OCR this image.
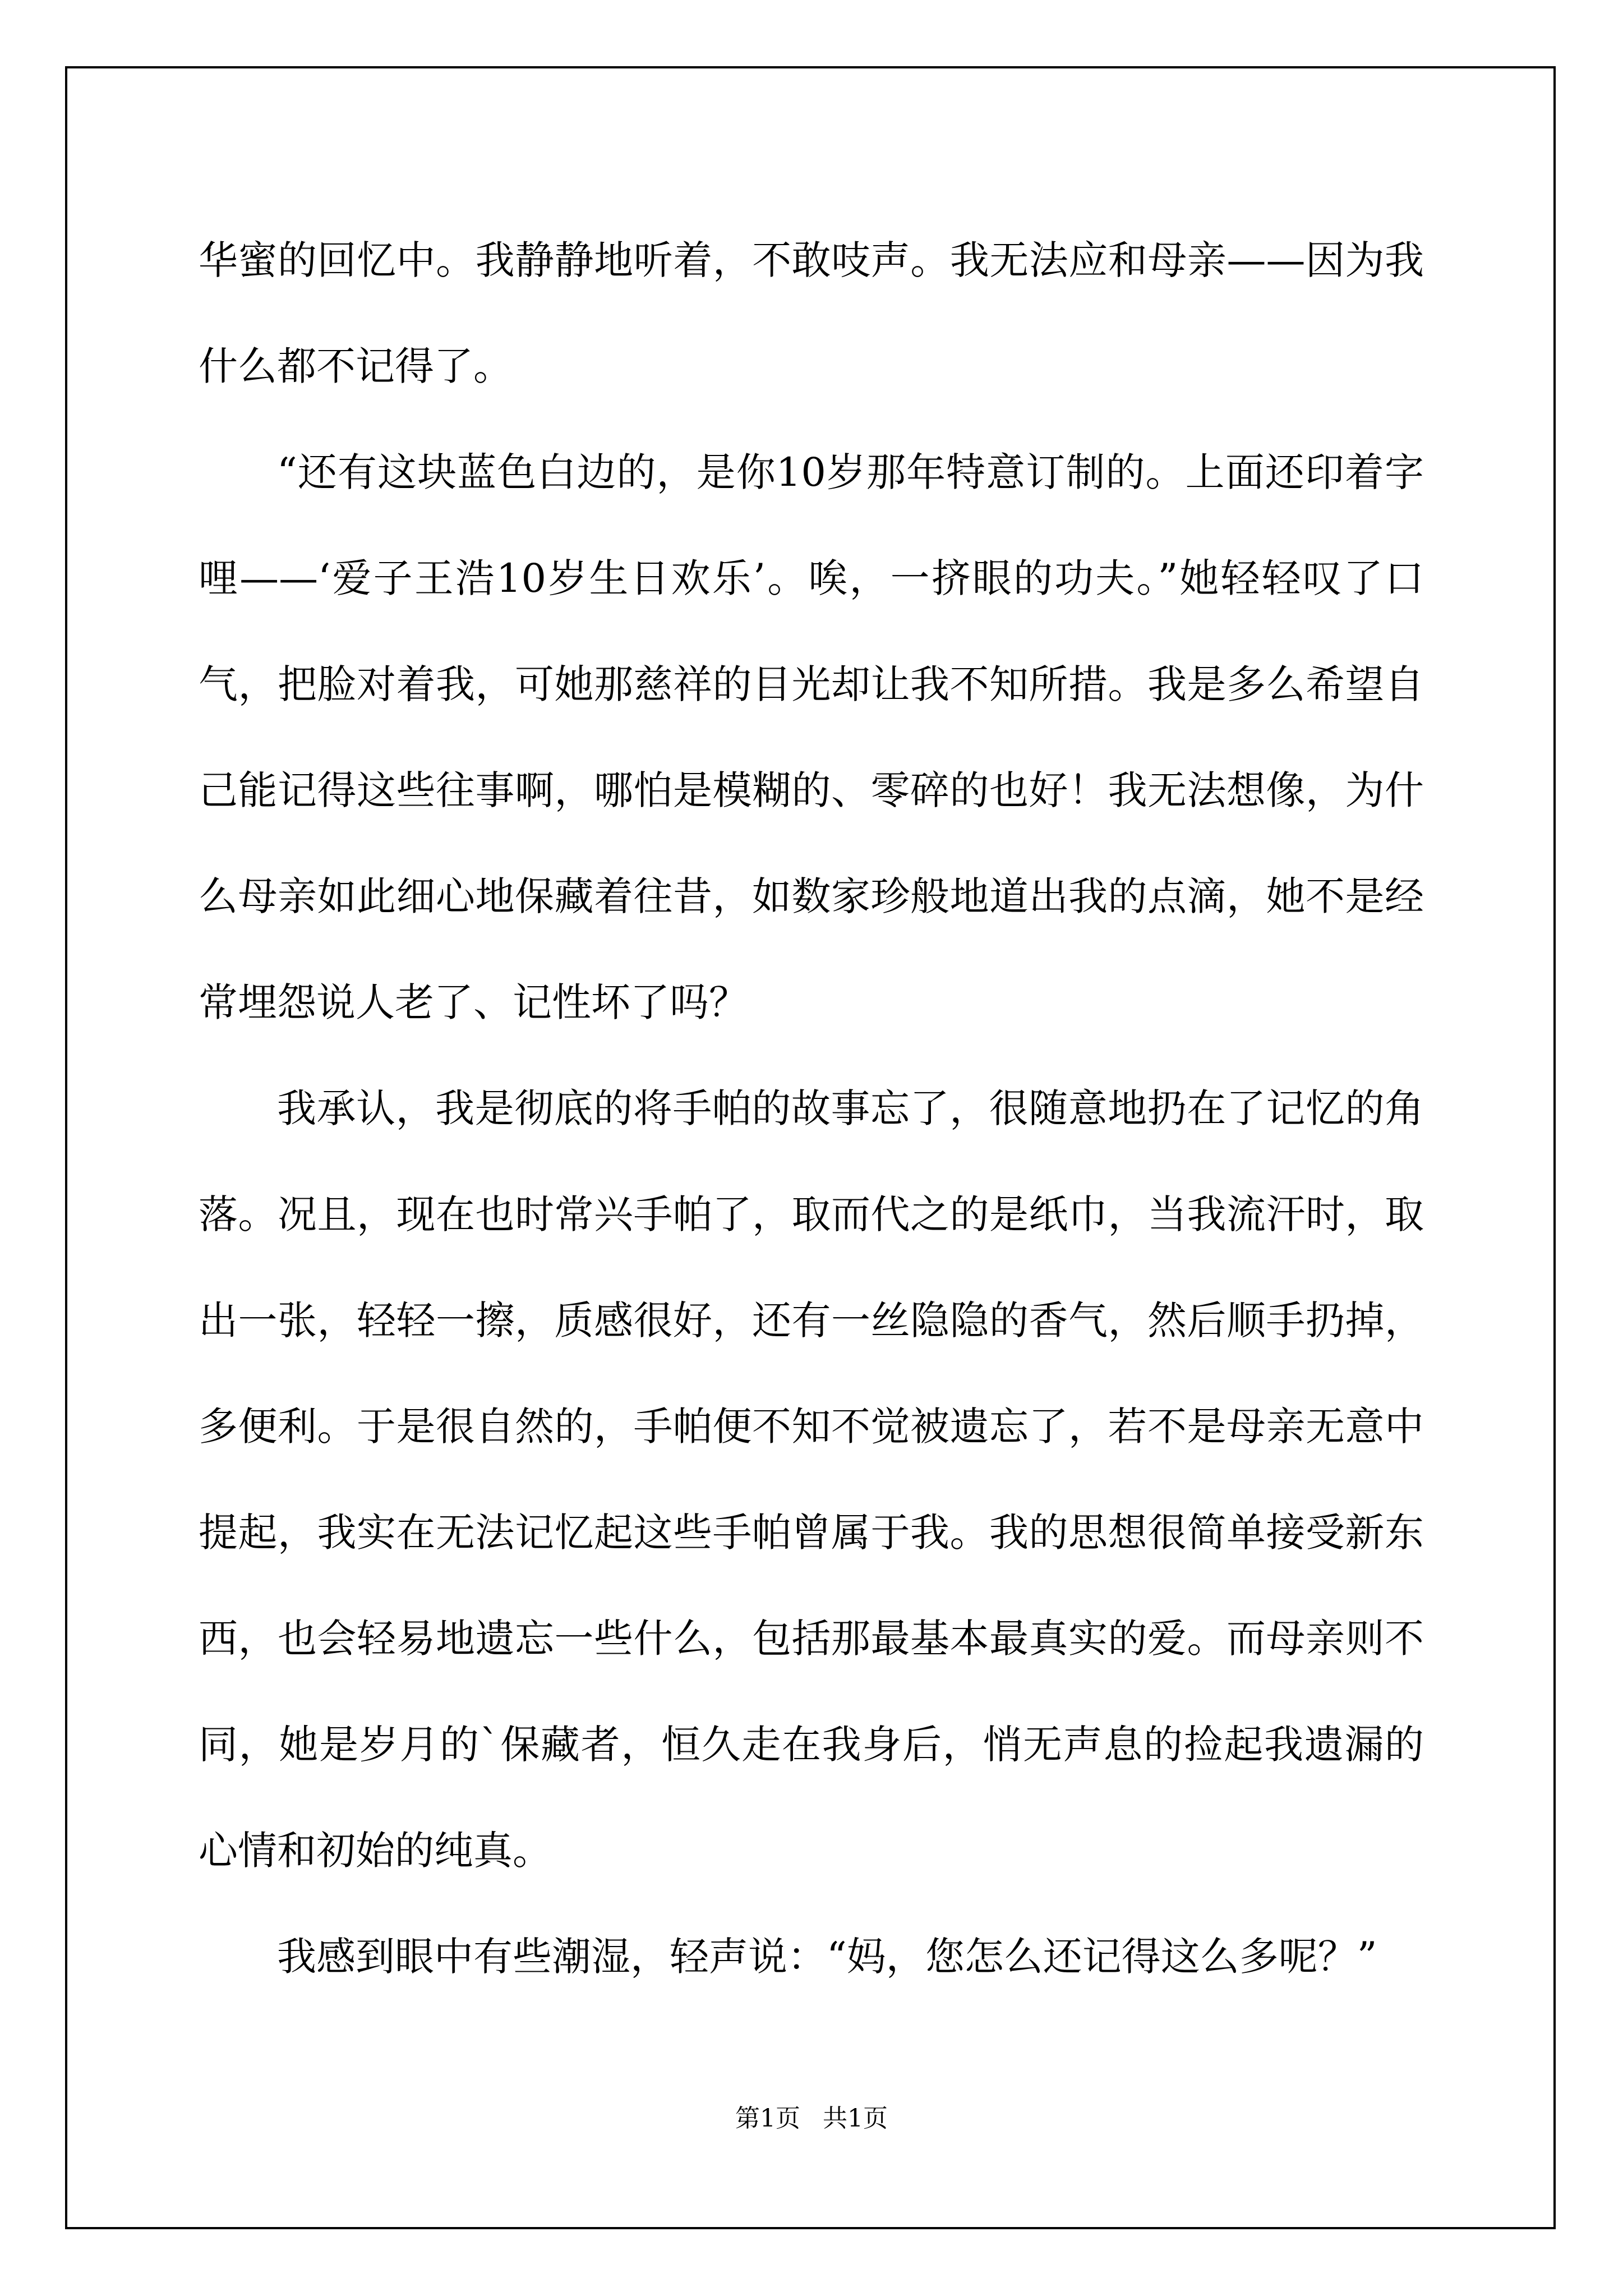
华蜜的回忆中。我静静地听着，不敢吱声。我无法应和母亲——因为我什么都不记得了。

“还有这块蓝色白边的，是你10岁那年特意订制的。上面还印着字哩——‘爱子王浩10岁生日欢乐’。唉，一挤眼的功夫。”她轻轻叹了口气，把脸对着我，可她那慈祥的目光却让我不知所措。我是多么希望自己能记得这些往事啊，哪怕是模糊的、零碎的也好！我无法想像，为什么母亲如此细心地保藏着往昔，如数家珍般地道出我的点滴，她不是经常埋怨说人老了、记性坏了吗？

我承认，我是彻底的将手帕的故事忘了，很随意地扔在了记忆的角落。况且，现在也时常兴手帕了，取而代之的是纸巾，当我流汗时，取出一张，轻轻一擦，质感很好，还有一丝隐隐的香气，然后顺手扔掉，多便利。于是很自然的，手帕便不知不觉被遗忘了，若不是母亲无意中提起，我实在无法记忆起这些手帕曾属于我。我的思想很简单接受新东西，也会轻易地遗忘一些什么，包括那最基本最真实的爱。而母亲则不同，她是岁月的`保藏者，恒久走在我身后，悄无声息的捡起我遗漏的心情和初始的纯真。

我感到眼中有些潮湿，轻声说：“妈，您怎么还记得这么多呢？”

第1页 共1页
